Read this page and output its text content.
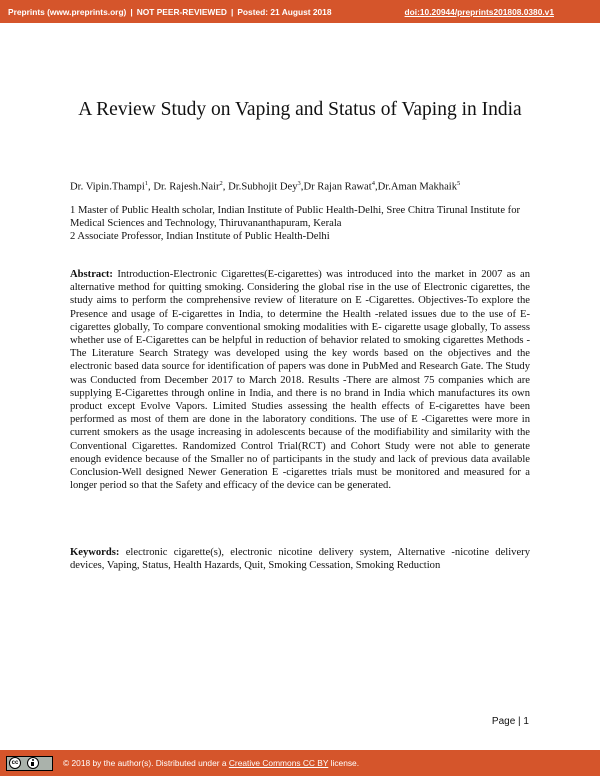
Preprints (www.preprints.org) | NOT PEER-REVIEWED | Posted: 21 August 2018	doi:10.20944/preprints201808.0380.v1
A Review Study on Vaping and Status of Vaping in India
Dr. Vipin.Thampi$^1$, Dr. Rajesh.Nair$^2$, Dr.Subhojit Dey$^3$,Dr Rajan Rawat$^4$,Dr.Aman Makhaik$^5$
1 Master of Public Health scholar, Indian Institute of Public Health-Delhi, Sree Chitra Tirunal Institute for Medical Sciences and Technology, Thiruvananthapuram, Kerala
2 Associate Professor, Indian Institute of Public Health-Delhi
Abstract: Introduction-Electronic Cigarettes(E-cigarettes) was introduced into the market in 2007 as an alternative method for quitting smoking. Considering the global rise in the use of Electronic cigarettes, the study aims to perform the comprehensive review of literature on E -Cigarettes. Objectives-To explore the Presence and usage of E-cigarettes in India, to determine the Health -related issues due to the use of E- cigarettes globally, To compare conventional smoking modalities with E- cigarette usage globally, To assess whether use of E-Cigarettes can be helpful in reduction of behavior related to smoking cigarettes Methods -The Literature Search Strategy was developed using the key words based on the objectives and the electronic based data source for identification of papers was done in PubMed and Research Gate. The Study was Conducted from December 2017 to March 2018. Results -There are almost 75 companies which are supplying E-Cigarettes through online in India, and there is no brand in India which manufactures its own product except Evolve Vapors. Limited Studies assessing the health effects of E-cigarettes have been performed as most of them are done in the laboratory conditions. The use of E -Cigarettes were more in current smokers as the usage increasing in adolescents because of the modifiability and similarity with the Conventional Cigarettes. Randomized Control Trial(RCT) and Cohort Study were not able to generate enough evidence because of the Smaller no of participants in the study and lack of previous data available Conclusion-Well designed Newer Generation E -cigarettes trials must be monitored and measured for a longer period so that the Safety and efficacy of the device can be generated.
Keywords: electronic cigarette(s), electronic nicotine delivery system, Alternative -nicotine delivery devices, Vaping, Status, Health Hazards, Quit, Smoking Cessation, Smoking Reduction
Page | 1
cc	© 2018 by the author(s). Distributed under a Creative Commons CC BY license.
